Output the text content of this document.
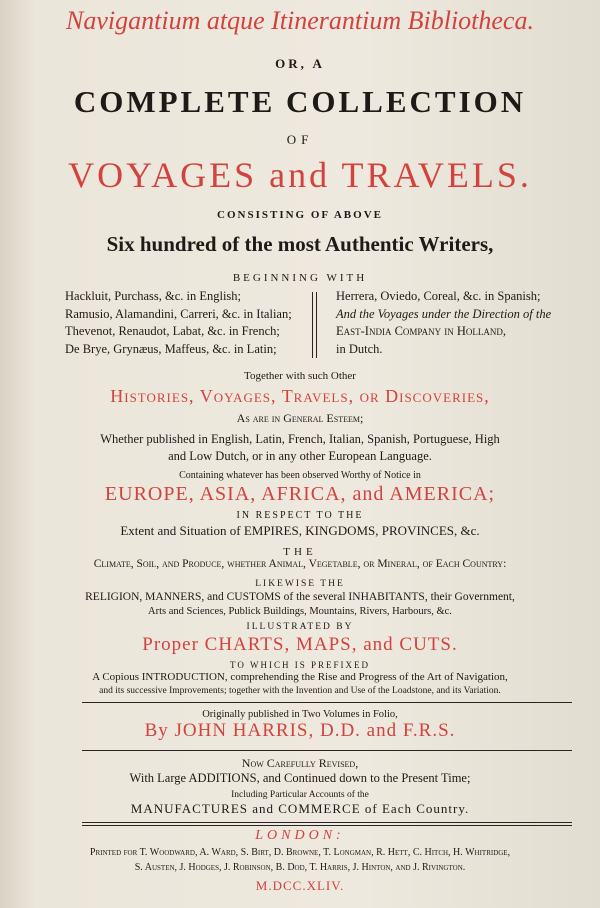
Navigantium atque Itinerantium Bibliotheca.
OR, A
COMPLETE COLLECTION
OF
VOYAGES and TRAVELS.
CONSISTING OF ABOVE
Six hundred of the most Authentic Writers,
BEGINNING WITH
Hackluit, Purchass, &c. in English;
Ramusio, Alamandini, Carreri, &c. in Italian;
Thevenot, Renaudot, Labat, &c. in French;
De Brye, Grynæus, Maffeus, &c. in Latin;
Herrera, Oviedo, Coreal, &c. in Spanish;
And the Voyages under the Direction of the
East-India Company in Holland,
in Dutch.
Together with such Other
Histories, Voyages, Travels, or Discoveries,
As are in General Esteem;
Whether published in English, Latin, French, Italian, Spanish, Portuguese, High
and Low Dutch, or in any other European Language.
Containing whatever has been observed Worthy of Notice in
EUROPE, ASIA, AFRICA, and AMERICA;
IN RESPECT TO THE
Extent and Situation of EMPIRES, KINGDOMS, PROVINCES, &c.
THE
Climate, Soil, and Produce, whether Animal, Vegetable, or Mineral, of Each Country:
LIKEWISE THE
RELIGION, MANNERS, and CUSTOMS of the several INHABITANTS, their Government,
Arts and Sciences, Publick Buildings, Mountains, Rivers, Harbours, &c.
ILLUSTRATED BY
Proper CHARTS, MAPS, and CUTS.
TO WHICH IS PREFIXED
A Copious INTRODUCTION, comprehending the Rise and Progress of the Art of Navigation,
and its successive Improvements; together with the Invention and Use of the Loadstone, and its Variation.
Originally published in Two Volumes in Folio,
By JOHN HARRIS, D.D. and F.R.S.
Now Carefully Revised,
With Large ADDITIONS, and Continued down to the Present Time;
Including Particular Accounts of the
MANUFACTURES and COMMERCE of Each Country.
LONDON:
Printed for T. Woodward, A. Ward, S. Birt, D. Browne, T. Longman, R. Hett, C. Hitch, H. Whitridge,
S. Austen, J. Hodges, J. Robinson, B. Dod, T. Harris, J. Hinton, and J. Rivington.
M.DCC.XLIV.
